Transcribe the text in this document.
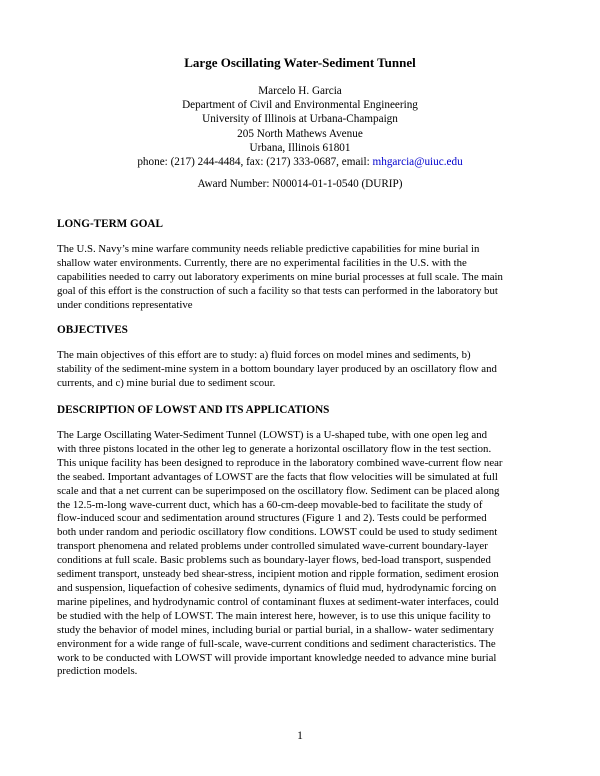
Large Oscillating Water-Sediment Tunnel
Marcelo H. Garcia
Department of Civil and Environmental Engineering
University of Illinois at Urbana-Champaign
205 North Mathews Avenue
Urbana, Illinois 61801
phone: (217) 244-4484, fax: (217) 333-0687, email: mhgarcia@uiuc.edu
Award Number: N00014-01-1-0540 (DURIP)
LONG-TERM GOAL
The U.S. Navy’s mine warfare community needs reliable predictive capabilities for mine burial in
shallow water environments. Currently, there are no experimental facilities in the U.S. with the
capabilities needed to carry out laboratory experiments on mine burial processes at full scale. The main
goal of this effort is the construction of such a facility so that tests can performed in the laboratory but
under conditions representative
OBJECTIVES
The main objectives of this effort are to study: a) fluid forces on model mines and sediments, b)
stability of the sediment-mine system in a bottom boundary layer produced by an oscillatory flow and
currents, and c) mine burial due to sediment scour.
DESCRIPTION OF LOWST AND ITS APPLICATIONS
The Large Oscillating Water-Sediment Tunnel (LOWST) is a U-shaped tube, with one open leg and
with three pistons located in the other leg to generate a horizontal oscillatory flow in the test section.
This unique facility has been designed to reproduce in the laboratory combined wave-current flow near
the seabed. Important advantages of LOWST are the facts that flow velocities will be simulated at full
scale and that a net current can be superimposed on the oscillatory flow. Sediment can be placed along
the 12.5-m-long wave-current duct, which has a 60-cm-deep movable-bed to facilitate the study of
flow-induced scour and sedimentation around structures (Figure 1 and 2). Tests could be performed
both under random and periodic oscillatory flow conditions. LOWST could be used to study sediment
transport phenomena and related problems under controlled simulated wave-current boundary-layer
conditions at full scale. Basic problems such as boundary-layer flows, bed-load transport, suspended
sediment transport, unsteady bed shear-stress, incipient motion and ripple formation, sediment erosion
and suspension, liquefaction of cohesive sediments, dynamics of fluid mud, hydrodynamic forcing on
marine pipelines, and hydrodynamic control of contaminant fluxes at sediment-water interfaces, could
be studied with the help of LOWST. The main interest here, however, is to use this unique facility to
study the behavior of model mines, including burial or partial burial, in a shallow- water sedimentary
environment for a wide range of full-scale, wave-current conditions and sediment characteristics. The
work to be conducted with LOWST will provide important knowledge needed to advance mine burial
prediction models.
1
